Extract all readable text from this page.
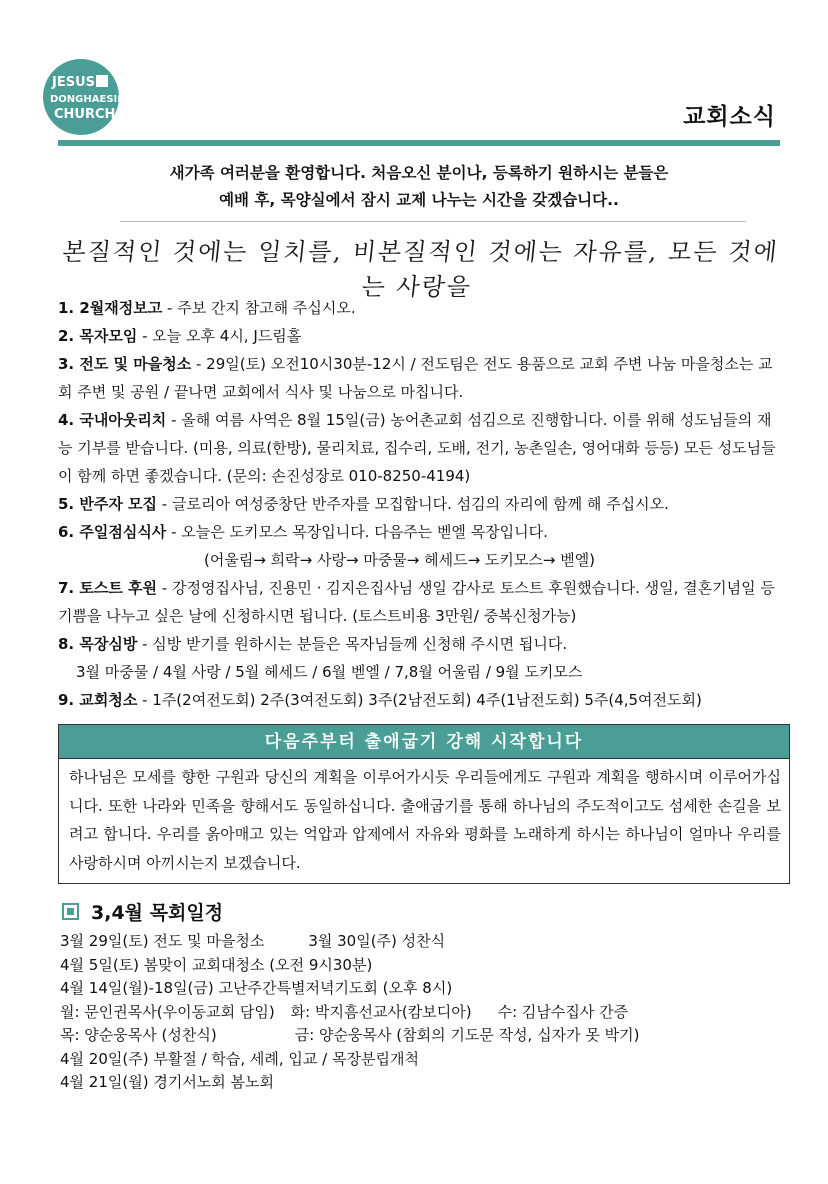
JESUS
DONGHAESIL
CHURCH	교회소식
새가족 여러분을 환영합니다. 처음오신 분이나, 등록하기 원하시는 분들은
예배 후, 목양실에서 잠시 교제 나누는 시간을 갖겠습니다..
본질적인 것에는 일치를, 비본질적인 것에는 자유를, 모든 것에는 사랑을
1. 2월재정보고 - 주보 간지 참고해 주십시오.
2. 목자모임 - 오늘 오후 4시, J드림홀
3. 전도 및 마을청소 - 29일(토) 오전10시30분-12시 / 전도팀은 전도 용품으로 교회 주변 나눔 마을청소는 교회 주변 및 공원 / 끝나면 교회에서 식사 및 나눔으로 마칩니다.
4. 국내아웃리치 - 올해 여름 사역은 8월 15일(금) 농어촌교회 섬김으로 진행합니다. 이를 위해 성도님들의 재능 기부를 받습니다. (미용, 의료(한방), 물리치료, 집수리, 도배, 전기, 농촌일손, 영어대화 등등) 모든 성도님들이 함께 하면 좋겠습니다. (문의: 손진성장로 010-8250-4194)
5. 반주자 모집 - 글로리아 여성중창단 반주자를 모집합니다. 섬김의 자리에 함께 해 주십시오.
6. 주일점심식사 - 오늘은 도키모스 목장입니다. 다음주는 벧엘 목장입니다.
(어울림→ 희락→ 사랑→ 마중물→ 헤세드→ 도키모스→ 벧엘)
7. 토스트 후원 - 강정영집사님, 진용민 · 김지은집사님 생일 감사로 토스트 후원했습니다. 생일, 결혼기념일 등 기쁨을 나누고 싶은 날에 신청하시면 됩니다. (토스트비용 3만원/ 중복신청가능)
8. 목장심방 - 심방 받기를 원하시는 분들은 목자님들께 신청해 주시면 됩니다.
3월 마중물 / 4월 사랑 / 5월 헤세드 / 6월 벧엘 / 7,8월 어울림 / 9월 도키모스
9. 교회청소 - 1주(2여전도회) 2주(3여전도회) 3주(2남전도회) 4주(1남전도회) 5주(4,5여전도회)
다음주부터 출애굽기 강해 시작합니다
하나님은 모세를 향한 구원과 당신의 계획을 이루어가시듯 우리들에게도 구원과 계획을 행하시며 이루어가십니다. 또한 나라와 민족을 향해서도 동일하십니다. 출애굽기를 통해 하나님의 주도적이고도 섬세한 손길을 보려고 합니다. 우리를 옭아매고 있는 억압과 압제에서 자유와 평화를 노래하게 하시는 하나님이 얼마나 우리를 사랑하시며 아끼시는지 보겠습니다.
3,4월 목회일정
3월 29일(토) 전도 및 마을청소	3월 30일(주) 성찬식
4월 5일(토) 봄맞이 교회대청소 (오전 9시30분)
4월 14일(월)-18일(금) 고난주간특별저녁기도회 (오후 8시)
월: 문인권목사(우이동교회 담임) 화: 박지흠선교사(캄보디아) 수: 김남수집사 간증
목: 양순웅목사 (성찬식)	금: 양순웅목사 (참회의 기도문 작성, 십자가 못 박기)
4월 20일(주) 부활절 / 학습, 세례, 입교 / 목장분립개척
4월 21일(월) 경기서노회 봄노회
